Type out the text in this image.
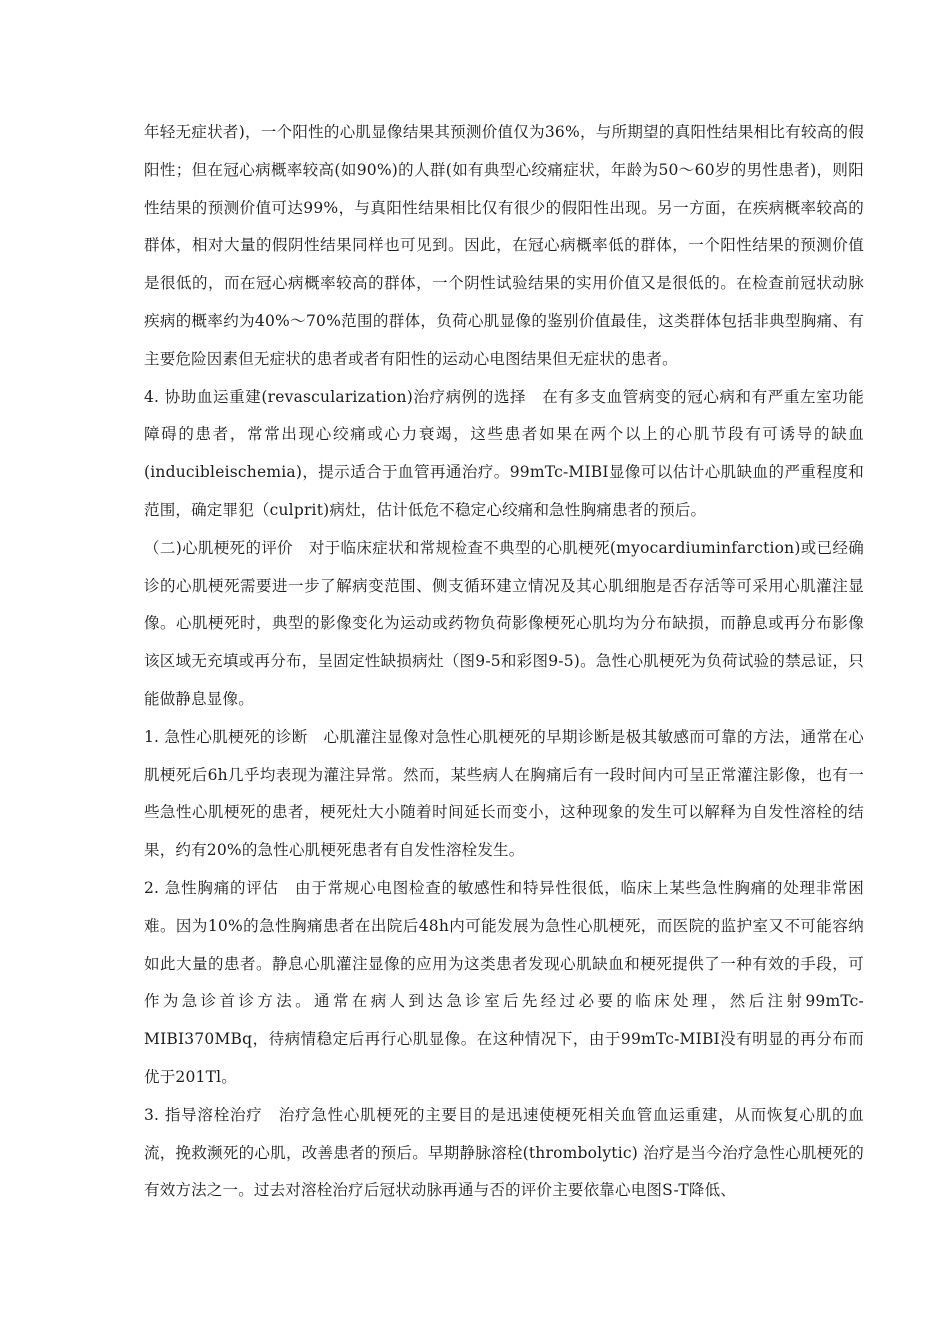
年轻无症状者)，一个阳性的心肌显像结果其预测价值仅为36%，与所期望的真阳性结果相比有较高的假阳性；但在冠心病概率较高(如90%)的人群(如有典型心绞痛症状，年龄为50～60岁的男性患者)，则阳性结果的预测价值可达99%，与真阳性结果相比仅有很少的假阳性出现。另一方面，在疾病概率较高的群体，相对大量的假阴性结果同样也可见到。因此，在冠心病概率低的群体，一个阳性结果的预测价值是很低的，而在冠心病概率较高的群体，一个阴性试验结果的实用价值又是很低的。在检查前冠状动脉疾病的概率约为40%～70%范围的群体，负荷心肌显像的鉴别价值最佳，这类群体包括非典型胸痛、有主要危险因素但无症状的患者或者有阳性的运动心电图结果但无症状的患者。

4. 协助血运重建(revascularization)治疗病例的选择　在有多支血管病变的冠心病和有严重左室功能障碍的患者，常常出现心绞痛或心力衰竭，这些患者如果在两个以上的心肌节段有可诱导的缺血(inducibleischemia)，提示适合于血管再通治疗。99mTc-MIBI显像可以估计心肌缺血的严重程度和范围，确定罪犯（culprit)病灶，估计低危不稳定心绞痛和急性胸痛患者的预后。

（二)心肌梗死的评价　对于临床症状和常规检查不典型的心肌梗死(myocardiuminfarction)或已经确诊的心肌梗死需要进一步了解病变范围、侧支循环建立情况及其心肌细胞是否存活等可采用心肌灌注显像。心肌梗死时，典型的影像变化为运动或药物负荷影像梗死心肌均为分布缺损，而静息或再分布影像该区域无充填或再分布，呈固定性缺损病灶（图9-5和彩图9-5)。急性心肌梗死为负荷试验的禁忌证，只能做静息显像。

1. 急性心肌梗死的诊断　心肌灌注显像对急性心肌梗死的早期诊断是极其敏感而可靠的方法，通常在心肌梗死后6h几乎均表现为灌注异常。然而，某些病人在胸痛后有一段时间内可呈正常灌注影像，也有一些急性心肌梗死的患者，梗死灶大小随着时间延长而变小，这种现象的发生可以解释为自发性溶栓的结果，约有20%的急性心肌梗死患者有自发性溶栓发生。

2. 急性胸痛的评估　由于常规心电图检查的敏感性和特异性很低，临床上某些急性胸痛的处理非常困难。因为10%的急性胸痛患者在出院后48h内可能发展为急性心肌梗死，而医院的监护室又不可能容纳如此大量的患者。静息心肌灌注显像的应用为这类患者发现心肌缺血和梗死提供了一种有效的手段，可作为急诊首诊方法。通常在病人到达急诊室后先经过必要的临床处理，然后注射99mTc-MIBI370MBq，待病情稳定后再行心肌显像。在这种情况下，由于99mTc-MIBI没有明显的再分布而优于201Tl。

3. 指导溶栓治疗　治疗急性心肌梗死的主要目的是迅速使梗死相关血管血运重建，从而恢复心肌的血流，挽救濒死的心肌，改善患者的预后。早期静脉溶栓(thrombolytic) 治疗是当今治疗急性心肌梗死的有效方法之一。过去对溶栓治疗后冠状动脉再通与否的评价主要依靠心电图S-T降低、
